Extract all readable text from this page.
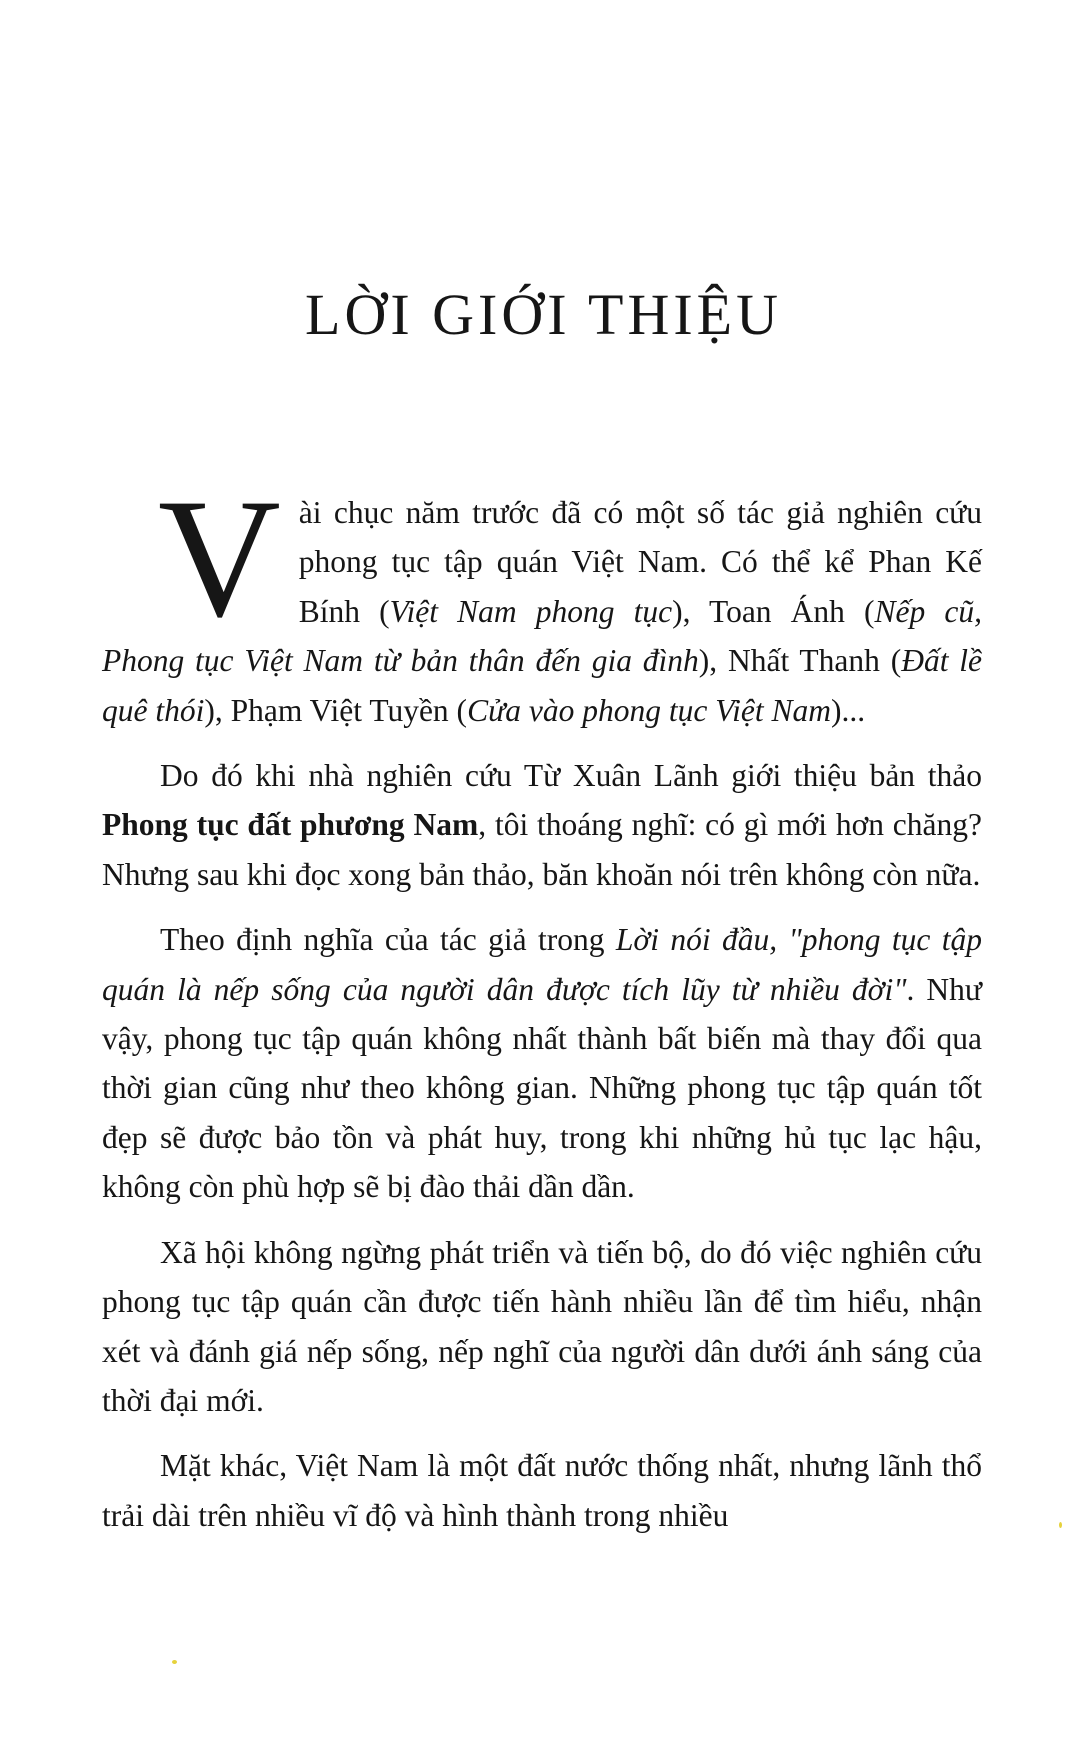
LỜI GIỚI THIỆU

Vài chục năm trước đã có một số tác giả nghiên cứu phong tục tập quán Việt Nam. Có thể kể Phan Kế Bính (Việt Nam phong tục), Toan Ánh (Nếp cũ, Phong tục Việt Nam từ bản thân đến gia đình), Nhất Thanh (Đất lề quê thói), Phạm Việt Tuyền (Cửa vào phong tục Việt Nam)...

Do đó khi nhà nghiên cứu Từ Xuân Lãnh giới thiệu bản thảo Phong tục đất phương Nam, tôi thoáng nghĩ: có gì mới hơn chăng? Nhưng sau khi đọc xong bản thảo, băn khoăn nói trên không còn nữa.

Theo định nghĩa của tác giả trong Lời nói đầu, "phong tục tập quán là nếp sống của người dân được tích lũy từ nhiều đời". Như vậy, phong tục tập quán không nhất thành bất biến mà thay đổi qua thời gian cũng như theo không gian. Những phong tục tập quán tốt đẹp sẽ được bảo tồn và phát huy, trong khi những hủ tục lạc hậu, không còn phù hợp sẽ bị đào thải dần dần.

Xã hội không ngừng phát triển và tiến bộ, do đó việc nghiên cứu phong tục tập quán cần được tiến hành nhiều lần để tìm hiểu, nhận xét và đánh giá nếp sống, nếp nghĩ của người dân dưới ánh sáng của thời đại mới.

Mặt khác, Việt Nam là một đất nước thống nhất, nhưng lãnh thổ trải dài trên nhiều vĩ độ và hình thành trong nhiều
